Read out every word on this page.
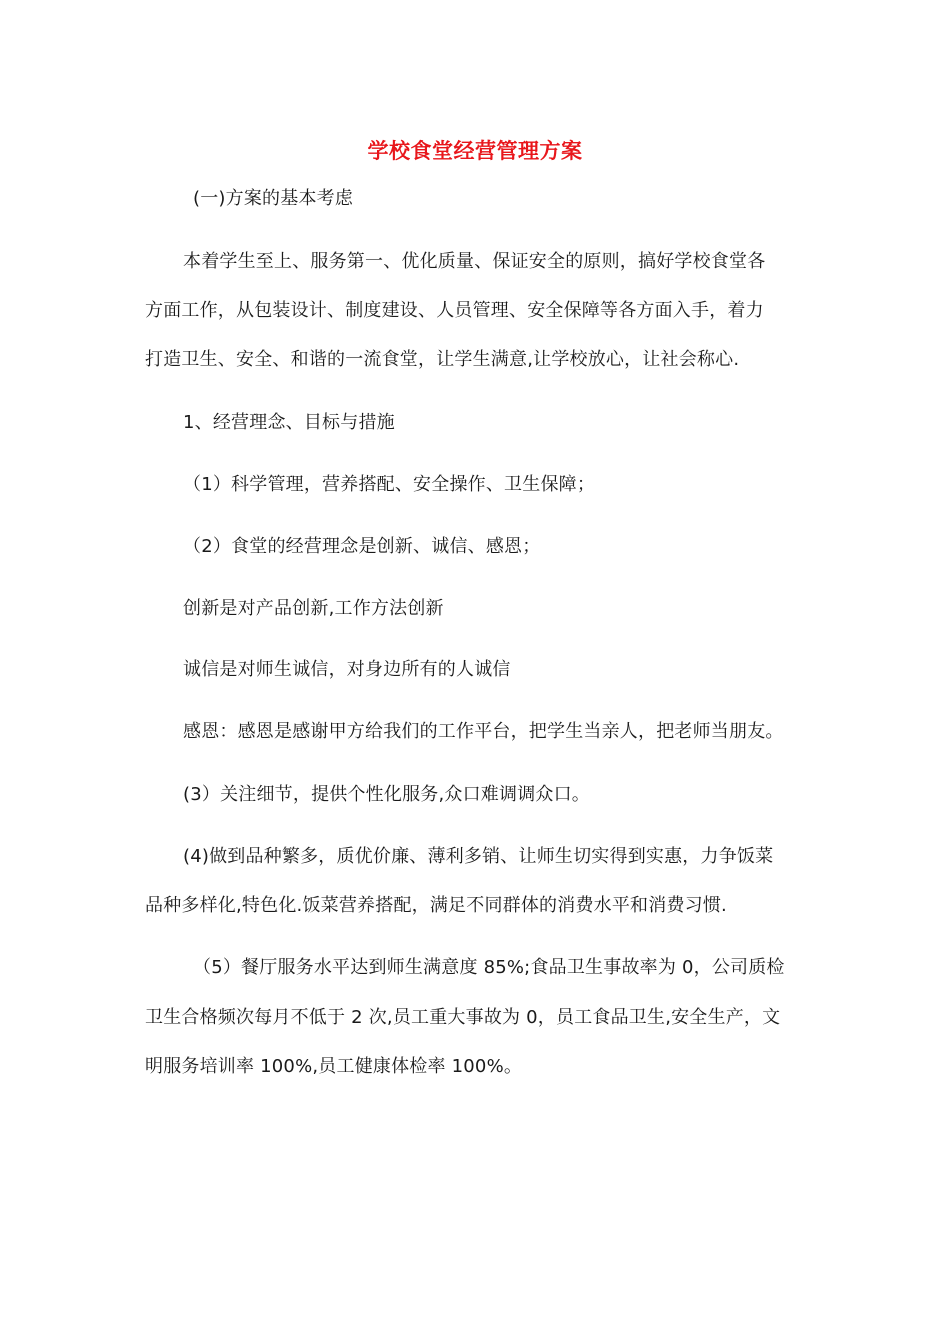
学校食堂经营管理方案
(一)方案的基本考虑
本着学生至上、服务第一、优化质量、保证安全的原则，搞好学校食堂各
方面工作，从包装设计、制度建设、人员管理、安全保障等各方面入手，着力
打造卫生、安全、和谐的一流食堂，让学生满意,让学校放心，让社会称心.
1、经营理念、目标与措施
（1）科学管理，营养搭配、安全操作、卫生保障；
（2）食堂的经营理念是创新、诚信、感恩；
创新是对产品创新,工作方法创新
诚信是对师生诚信，对身边所有的人诚信
感恩：感恩是感谢甲方给我们的工作平台，把学生当亲人，把老师当朋友。
(3）关注细节，提供个性化服务,众口难调调众口。
(4)做到品种繁多，质优价廉、薄利多销、让师生切实得到实惠，力争饭菜
品种多样化,特色化.饭菜营养搭配，满足不同群体的消费水平和消费习惯.
（5）餐厅服务水平达到师生满意度 85%;食品卫生事故率为 0，公司质检
卫生合格频次每月不低于 2 次,员工重大事故为 0，员工食品卫生,安全生产，文
明服务培训率 100%,员工健康体检率 100%。
